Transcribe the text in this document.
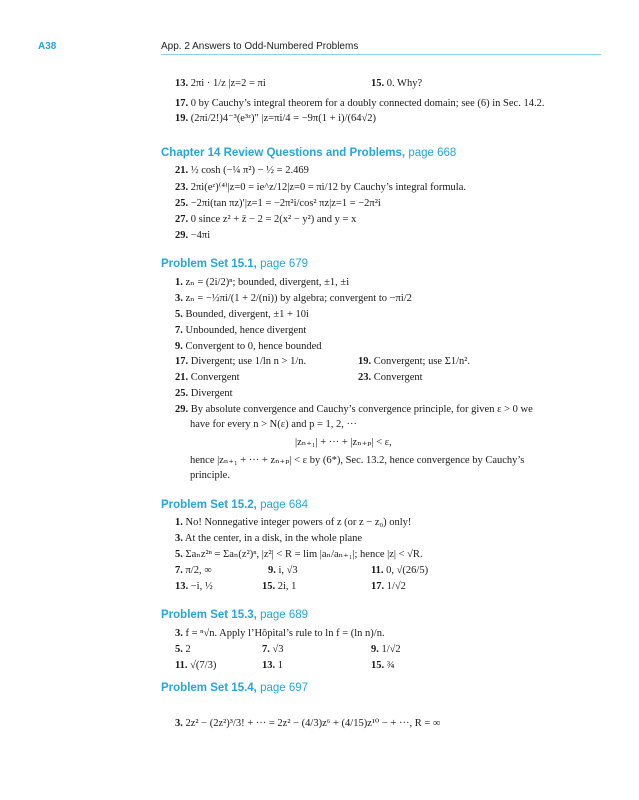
A38	App. 2 Answers to Odd-Numbered Problems
13. 2πi · 1/z |z=2 = πi	15. 0. Why?
17. 0 by Cauchy’s integral theorem for a doubly connected domain; see (6) in Sec. 14.2.
19. (2πi/2!)4⁻³(e³ᶻ)″ |z=πi/4 = −9π(1 + i)/(64√2)
Chapter 14 Review Questions and Problems, page 668
21. ½ cosh (−¼ π²) − ½ = 2.469
23. 2πi(eᶻ)⁽⁴⁾|z=0 = ie^z/12|z=0 = πi/12 by Cauchy’s integral formula.
25. −2πi(tan πz)′|z=1 = −2π²i/cos² πz|z=1 = −2π²i
27. 0 since z² + z̄ − 2 = 2(x² − y²) and y = x
29. −4πi
Problem Set 15.1, page 679
1. zₙ = (2i/2)ⁿ; bounded, divergent, ±1, ±i
3. zₙ = −½πi/(1 + 2/(ni)) by algebra; convergent to −πi/2
5. Bounded, divergent, ±1 + 10i
7. Unbounded, hence divergent
9. Convergent to 0, hence bounded
17. Divergent; use 1/ln n > 1/n.	19. Convergent; use Σ1/n².
21. Convergent	23. Convergent
25. Divergent
29. By absolute convergence and Cauchy’s convergence principle, for given ε > 0 we
have for every n > N(ε) and p = 1, 2, ···
|zₙ₊₁| + ··· + |zₙ₊ₚ| < ε,
hence |zₙ₊₁ + ··· + zₙ₊ₚ| < ε by (6*), Sec. 13.2, hence convergence by Cauchy’s
principle.
Problem Set 15.2, page 684
1. No! Nonnegative integer powers of z (or z − z₀) only!
3. At the center, in a disk, in the whole plane
5. Σaₙz²ⁿ = Σaₙ(z²)ⁿ, |z²| < R = lim |aₙ/aₙ₊₁|; hence |z| < √R.
7. π/2, ∞	9. i, √3	11. 0, √(26/5)
13. −i, ½	15. 2i, 1	17. 1/√2
Problem Set 15.3, page 689
3. f = ⁿ√n. Apply l’Hôpital’s rule to ln f = (ln n)/n.
5. 2	7. √3	9. 1/√2
11. √(7/3)	13. 1	15. ¾
Problem Set 15.4, page 697
3. 2z² − (2z²)³/3! + ··· = 2z² − (4/3)z⁶ + (4/15)z¹⁰ − + ···, R = ∞
